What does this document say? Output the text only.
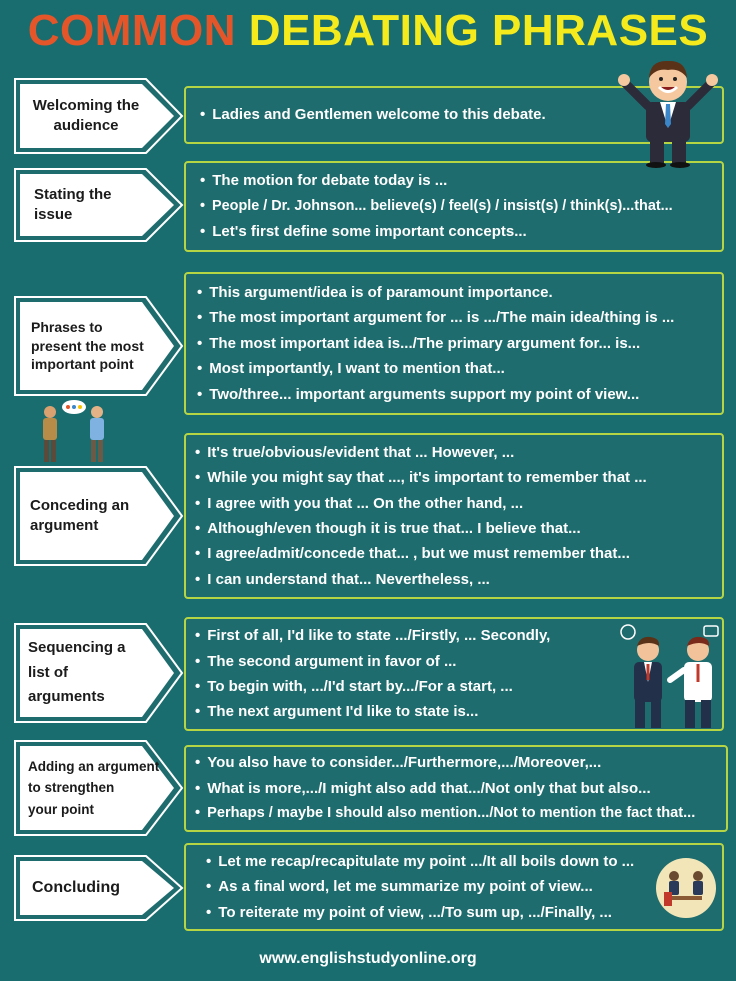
COMMON DEBATING PHRASES
Welcoming the
audience
• Ladies and Gentlemen welcome to this debate.
Stating the
issue
• The motion for debate today is ...
• People / Dr. Johnson... believe(s) / feel(s) / insist(s) / think(s)...that...
• Let's first define some important concepts...
Phrases to
present the most
important point
• This argument/idea is of paramount importance.
• The most important argument for ... is .../The main idea/thing is ...
• The most important idea is.../The primary argument for... is...
• Most importantly, I want to mention that...
• Two/three... important arguments support my point of view...
Conceding an
argument
• It's true/obvious/evident that ... However, ...
• While you might say that ..., it's important to remember that ...
• I agree with you that ... On the other hand, ...
• Although/even though it is true that... I believe that...
• I agree/admit/concede that... , but we must remember that...
• I can understand that... Nevertheless, ...
Sequencing a
list of
arguments
• First of all, I'd like to state .../Firstly, ... Secondly,
• The second argument in favor of ...
• To begin with, .../I'd start by.../For a start, ...
• The next argument I'd like to state is...
Adding an argument
to strengthen
your point
• You also have to consider.../Furthermore,.../Moreover,...
• What is more,.../I might also add that.../Not only that but also...
• Perhaps / maybe I should also mention.../Not to mention the fact that...
Concluding
• Let me recap/recapitulate my point .../It all boils down to ...
• As a final word, let me summarize my point of view...
• To reiterate my point of view, .../To sum up, .../Finally, ...
www.englishstudyonline.org
